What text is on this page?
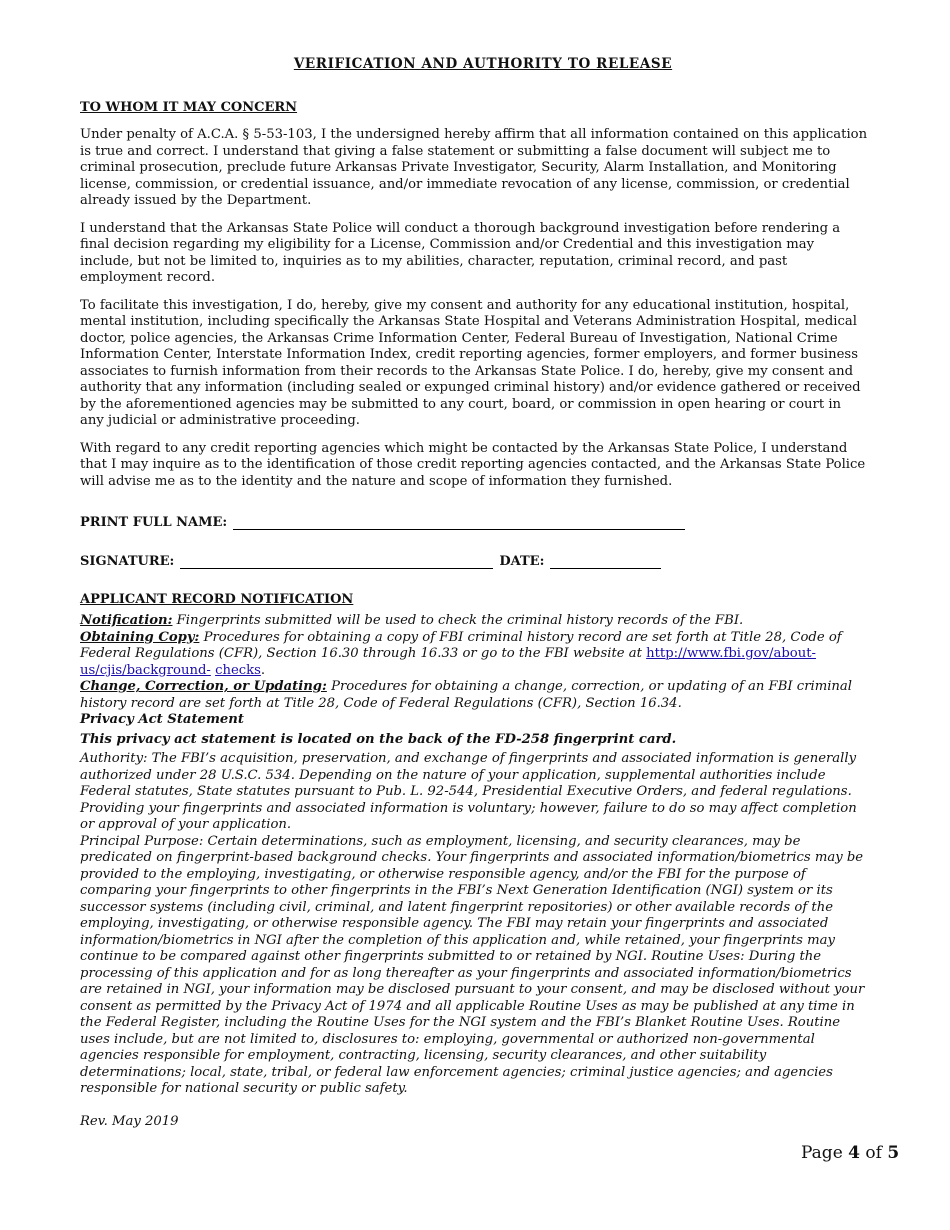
VERIFICATION AND AUTHORITY TO RELEASE
TO WHOM IT MAY CONCERN

Under penalty of A.C.A. § 5-53-103, I the undersigned hereby affirm that all information contained on this application is true and correct. I understand that giving a false statement or submitting a false document will subject me to criminal prosecution, preclude future Arkansas Private Investigator, Security, Alarm Installation, and Monitoring license, commission, or credential issuance, and/or immediate revocation of any license, commission, or credential already issued by the Department.

I understand that the Arkansas State Police will conduct a thorough background investigation before rendering a final decision regarding my eligibility for a License, Commission and/or Credential and this investigation may include, but not be limited to, inquiries as to my abilities, character, reputation, criminal record, and past employment record.

To facilitate this investigation, I do, hereby, give my consent and authority for any educational institution, hospital, mental institution, including specifically the Arkansas State Hospital and Veterans Administration Hospital, medical doctor, police agencies, the Arkansas Crime Information Center, Federal Bureau of Investigation, National Crime Information Center, Interstate Information Index, credit reporting agencies, former employers, and former business associates to furnish information from their records to the Arkansas State Police. I do, hereby, give my consent and authority that any information (including sealed or expunged criminal history) and/or evidence gathered or received by the aforementioned agencies may be submitted to any court, board, or commission in open hearing or court in any judicial or administrative proceeding.

With regard to any credit reporting agencies which might be contacted by the Arkansas State Police, I understand that I may inquire as to the identification of those credit reporting agencies contacted, and the Arkansas State Police will advise me as to the identity and the nature and scope of information they furnished.

PRINT FULL NAME:
SIGNATURE:	DATE:
APPLICANT RECORD NOTIFICATION

Notification: Fingerprints submitted will be used to check the criminal history records of the FBI.

Obtaining Copy: Procedures for obtaining a copy of FBI criminal history record are set forth at Title 28, Code of Federal Regulations (CFR), Section 16.30 through 16.33 or go to the FBI website at http://www.fbi.gov/about-us/cjis/background- checks.

Change, Correction, or Updating: Procedures for obtaining a change, correction, or updating of an FBI criminal history record are set forth at Title 28, Code of Federal Regulations (CFR), Section 16.34.

Privacy Act Statement

This privacy act statement is located on the back of the FD-258 fingerprint card.

Authority: The FBI’s acquisition, preservation, and exchange of fingerprints and associated information is generally authorized under 28 U.S.C. 534. Depending on the nature of your application, supplemental authorities include Federal statutes, State statutes pursuant to Pub. L. 92-544, Presidential Executive Orders, and federal regulations. Providing your fingerprints and associated information is voluntary; however, failure to do so may affect completion or approval of your application.

Principal Purpose: Certain determinations, such as employment, licensing, and security clearances, may be predicated on fingerprint-based background checks. Your fingerprints and associated information/biometrics may be provided to the employing, investigating, or otherwise responsible agency, and/or the FBI for the purpose of comparing your fingerprints to other fingerprints in the FBI’s Next Generation Identification (NGI) system or its successor systems (including civil, criminal, and latent fingerprint repositories) or other available records of the employing, investigating, or otherwise responsible agency. The FBI may retain your fingerprints and associated information/biometrics in NGI after the completion of this application and, while retained, your fingerprints may continue to be compared against other fingerprints submitted to or retained by NGI. Routine Uses: During the processing of this application and for as long thereafter as your fingerprints and associated information/biometrics are retained in NGI, your information may be disclosed pursuant to your consent, and may be disclosed without your consent as permitted by the Privacy Act of 1974 and all applicable Routine Uses as may be published at any time in the Federal Register, including the Routine Uses for the NGI system and the FBI’s Blanket Routine Uses. Routine uses include, but are not limited to, disclosures to: employing, governmental or authorized non-governmental agencies responsible for employment, contracting, licensing, security clearances, and other suitability determinations; local, state, tribal, or federal law enforcement agencies; criminal justice agencies; and agencies responsible for national security or public safety.

Rev. May 2019
Page 4 of 5
